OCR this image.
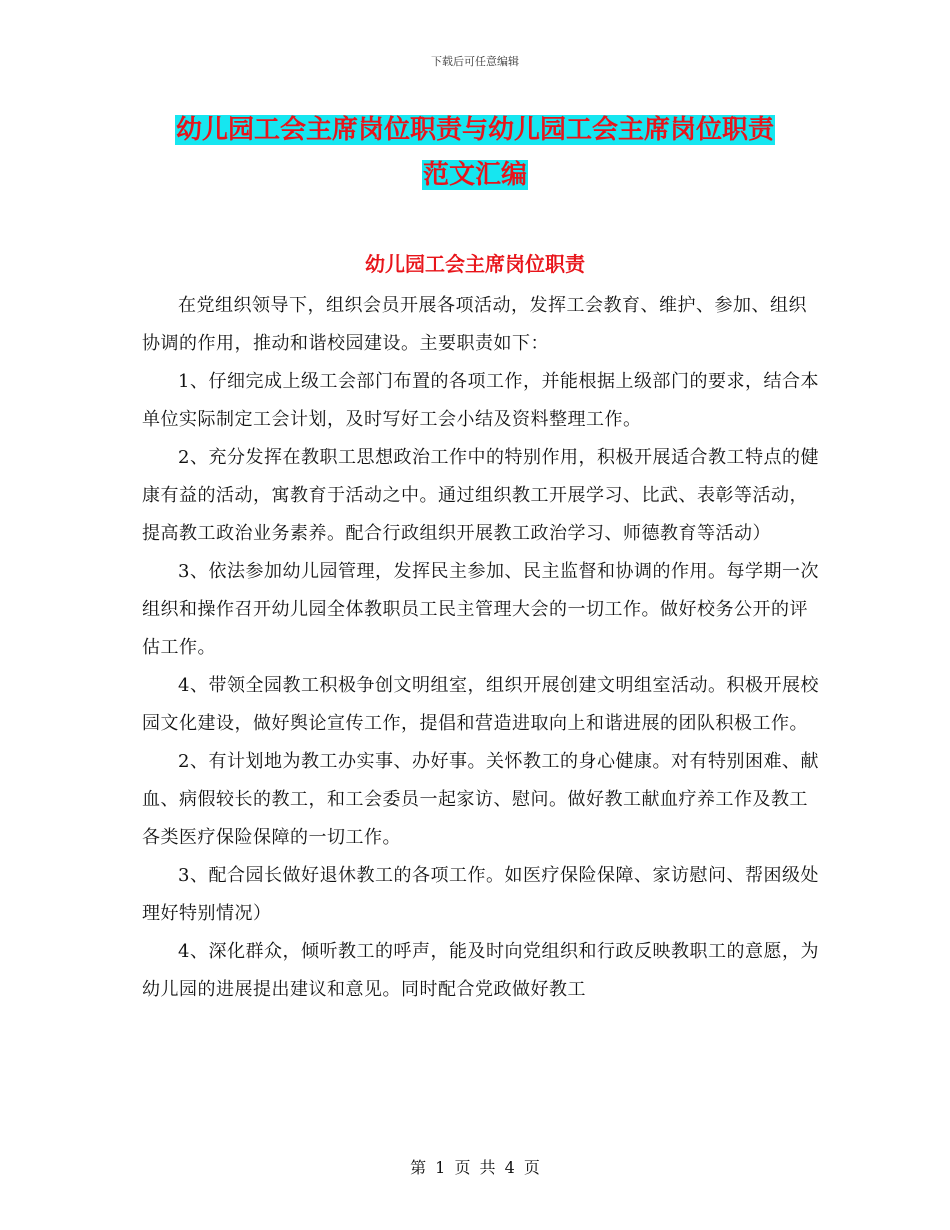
下载后可任意编辑
幼儿园工会主席岗位职责与幼儿园工会主席岗位职责
范文汇编
幼儿园工会主席岗位职责

在党组织领导下，组织会员开展各项活动，发挥工会教育、维护、参加、组织协调的作用，推动和谐校园建设。主要职责如下：

1、仔细完成上级工会部门布置的各项工作，并能根据上级部门的要求，结合本单位实际制定工会计划，及时写好工会小结及资料整理工作。

2、充分发挥在教职工思想政治工作中的特别作用，积极开展适合教工特点的健康有益的活动，寓教育于活动之中。通过组织教工开展学习、比武、表彰等活动，提高教工政治业务素养。配合行政组织开展教工政治学习、师德教育等活动）

3、依法参加幼儿园管理，发挥民主参加、民主监督和协调的作用。每学期一次组织和操作召开幼儿园全体教职员工民主管理大会的一切工作。做好校务公开的评估工作。

4、带领全园教工积极争创文明组室，组织开展创建文明组室活动。积极开展校园文化建设，做好舆论宣传工作，提倡和营造进取向上和谐进展的团队积极工作。

2、有计划地为教工办实事、办好事。关怀教工的身心健康。对有特别困难、献血、病假较长的教工，和工会委员一起家访、慰问。做好教工献血疗养工作及教工各类医疗保险保障的一切工作。

3、配合园长做好退休教工的各项工作。如医疗保险保障、家访慰问、帮困级处理好特别情况）

4、深化群众，倾听教工的呼声，能及时向党组织和行政反映教职工的意愿，为幼儿园的进展提出建议和意见。同时配合党政做好教工

第 1 页 共 4 页
